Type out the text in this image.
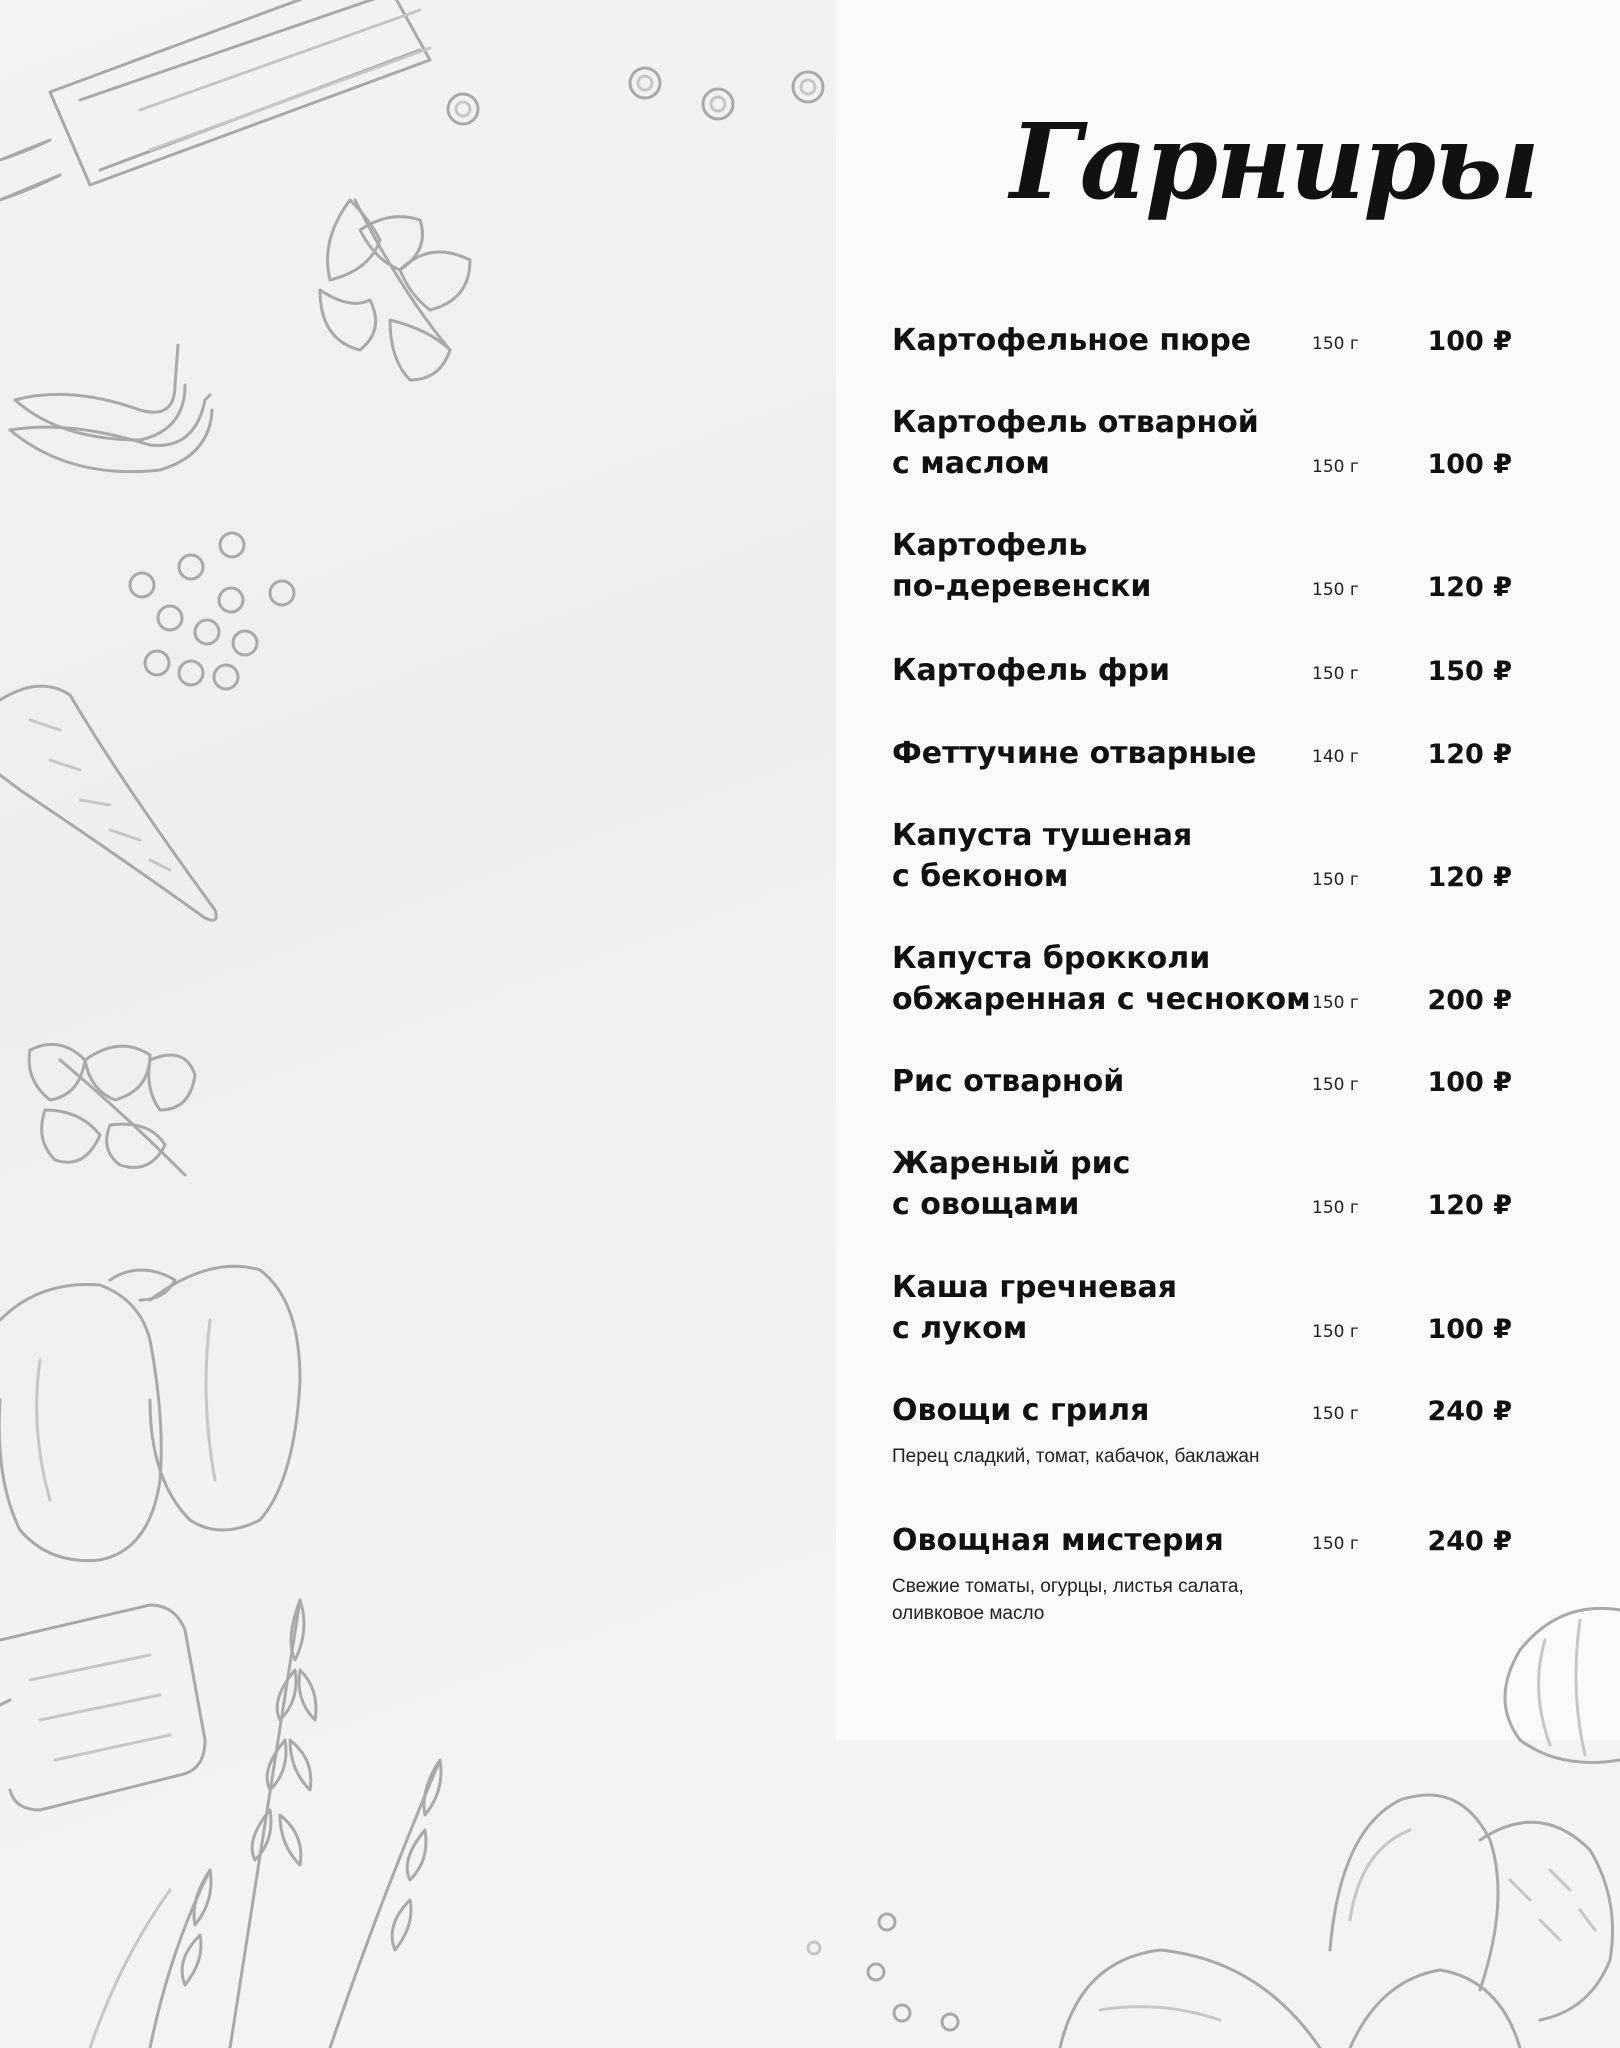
Гарниры
Картофельное пюре	150 г	100 ₽
Картофель отварной
с маслом	150 г	100 ₽
Картофель
по-деревенски	150 г	120 ₽
Картофель фри	150 г	150 ₽
Феттучине отварные	140 г	120 ₽
Капуста тушеная
с беконом	150 г	120 ₽
Капуста брокколи
обжаренная с чесноком 150 г	200 ₽
Рис отварной	150 г	100 ₽
Жареный рис
с овощами	150 г	120 ₽
Каша гречневая
с луком	150 г	100 ₽
Овощи с гриля	150 г	240 ₽
Перец сладкий, томат, кабачок, баклажан
Овощная мистерия	150 г	240 ₽
Свежие томаты, огурцы, листья салата,
оливковое масло
